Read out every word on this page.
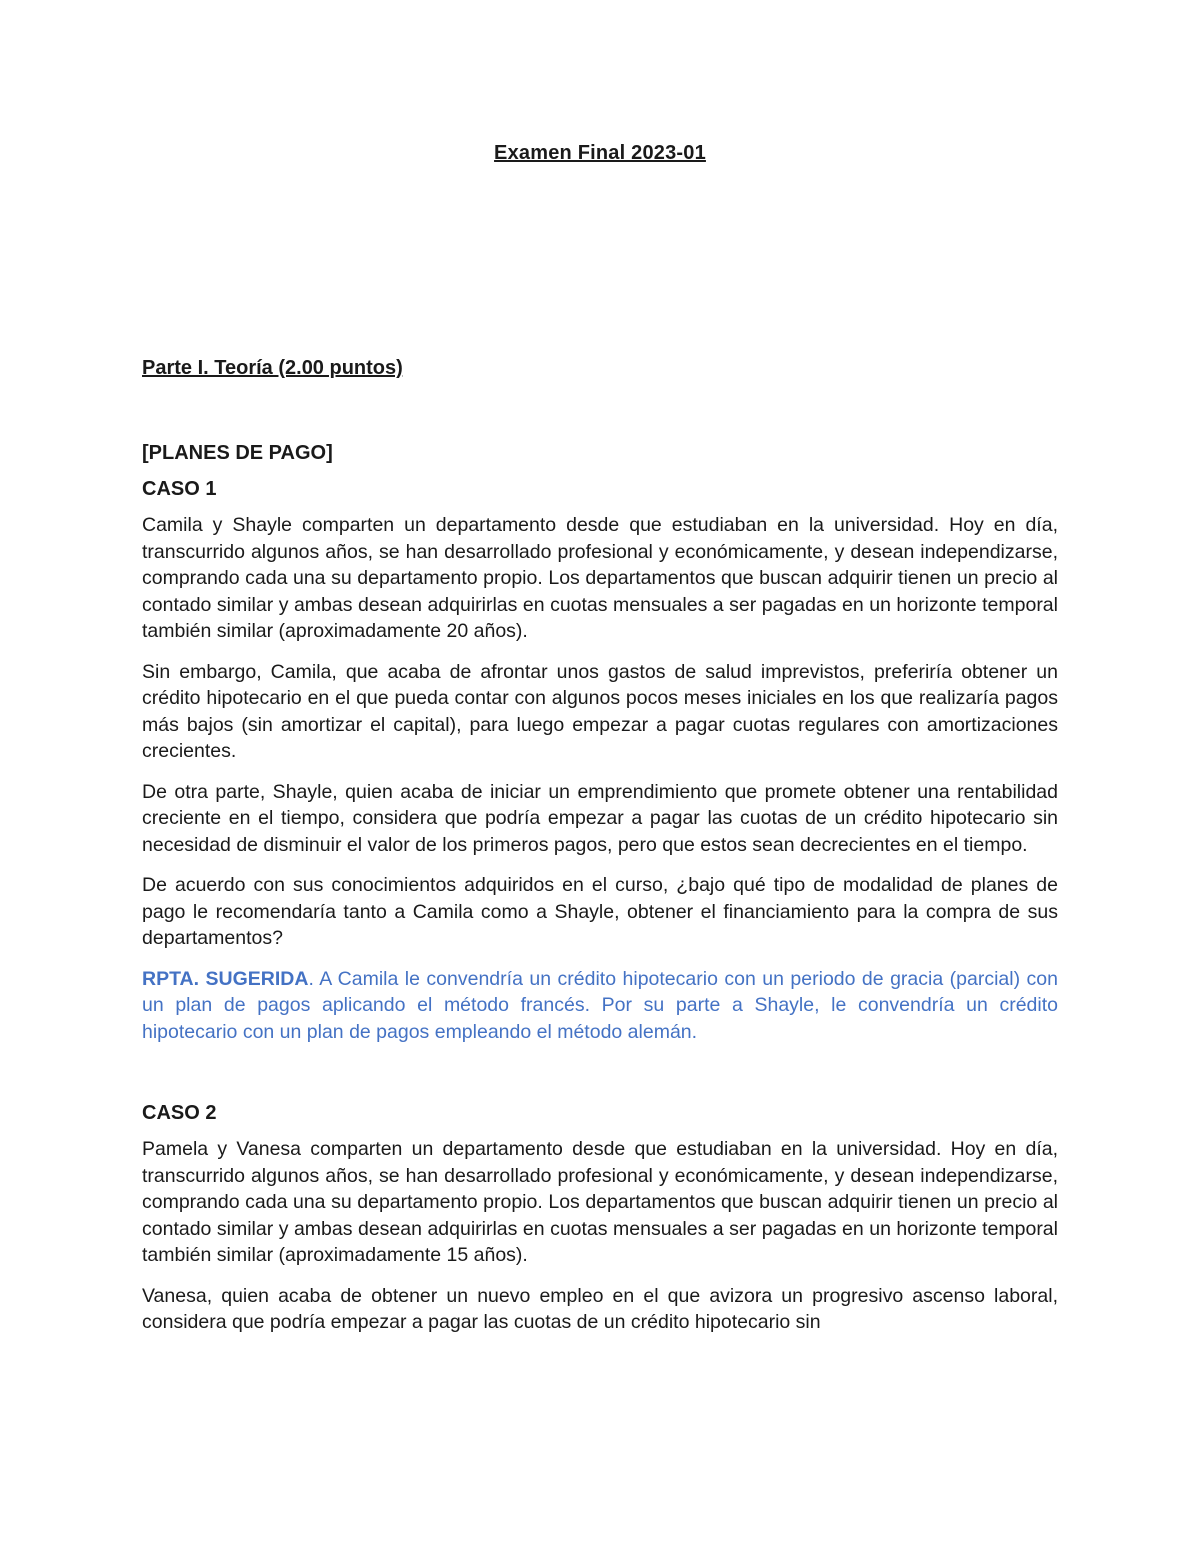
Examen Final 2023-01

Parte I. Teoría (2.00 puntos)

[PLANES DE PAGO]

CASO 1

Camila y Shayle comparten un departamento desde que estudiaban en la universidad. Hoy en día, transcurrido algunos años, se han desarrollado profesional y económicamente, y desean independizarse, comprando cada una su departamento propio. Los departamentos que buscan adquirir tienen un precio al contado similar y ambas desean adquirirlas en cuotas mensuales a ser pagadas en un horizonte temporal también similar (aproximadamente 20 años).

Sin embargo, Camila, que acaba de afrontar unos gastos de salud imprevistos, preferiría obtener un crédito hipotecario en el que pueda contar con algunos pocos meses iniciales en los que realizaría pagos más bajos (sin amortizar el capital), para luego empezar a pagar cuotas regulares con amortizaciones crecientes.

De otra parte, Shayle, quien acaba de iniciar un emprendimiento que promete obtener una rentabilidad creciente en el tiempo, considera que podría empezar a pagar las cuotas de un crédito hipotecario sin necesidad de disminuir el valor de los primeros pagos, pero que estos sean decrecientes en el tiempo.

De acuerdo con sus conocimientos adquiridos en el curso, ¿bajo qué tipo de modalidad de planes de pago le recomendaría tanto a Camila como a Shayle, obtener el financiamiento para la compra de sus departamentos?

RPTA. SUGERIDA. A Camila le convendría un crédito hipotecario con un periodo de gracia (parcial) con un plan de pagos aplicando el método francés. Por su parte a Shayle, le convendría un crédito hipotecario con un plan de pagos empleando el método alemán.

CASO 2

Pamela y Vanesa comparten un departamento desde que estudiaban en la universidad. Hoy en día, transcurrido algunos años, se han desarrollado profesional y económicamente, y desean independizarse, comprando cada una su departamento propio. Los departamentos que buscan adquirir tienen un precio al contado similar y ambas desean adquirirlas en cuotas mensuales a ser pagadas en un horizonte temporal también similar (aproximadamente 15 años).

Vanesa, quien acaba de obtener un nuevo empleo en el que avizora un progresivo ascenso laboral, considera que podría empezar a pagar las cuotas de un crédito hipotecario sin
